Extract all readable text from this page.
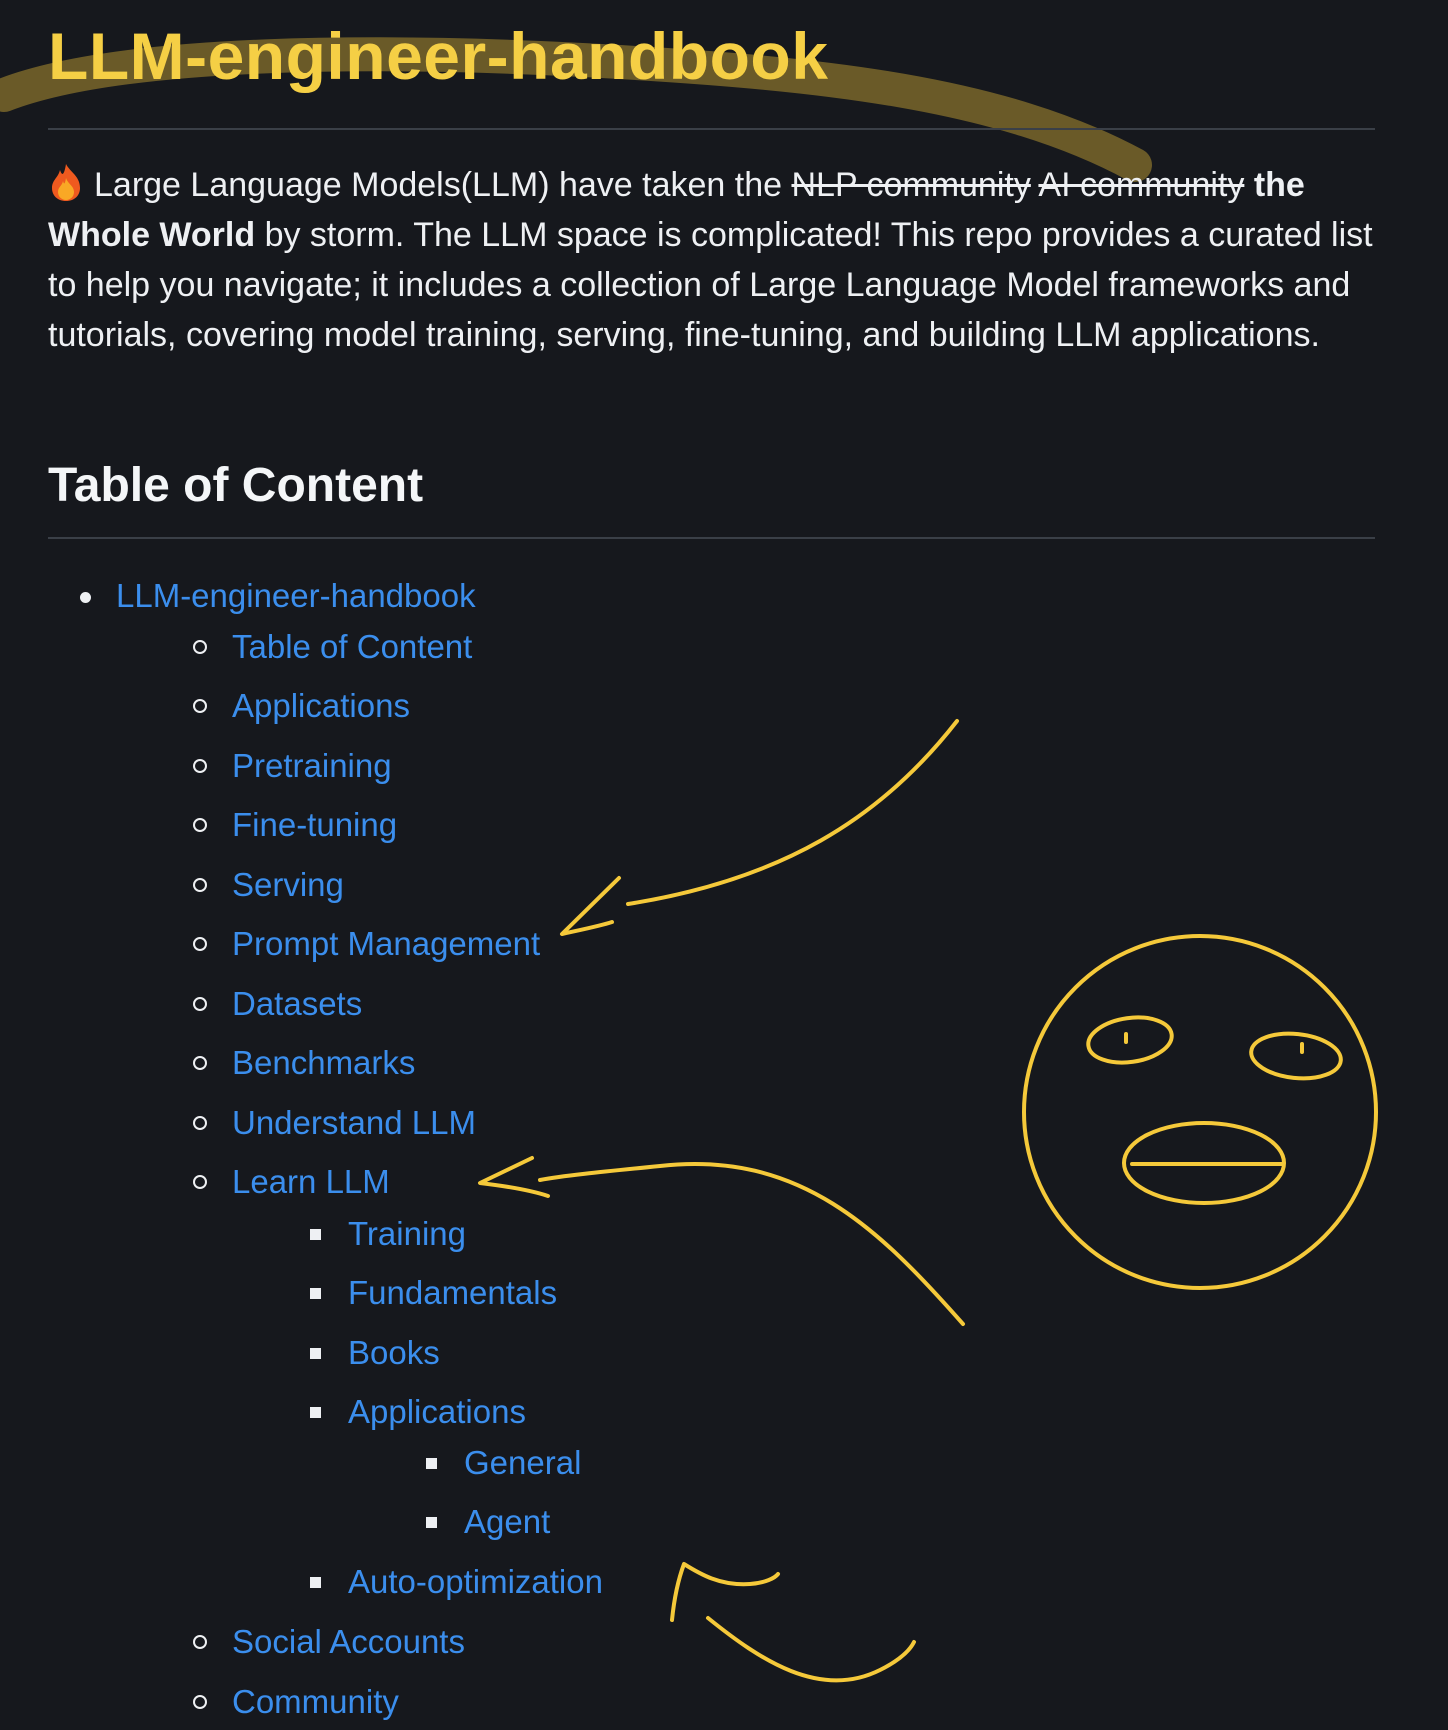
LLM-engineer-handbook

Large Language Models(LLM) have taken the NLP community AI community the Whole World by storm. The LLM space is complicated! This repo provides a curated list to help you navigate; it includes a collection of Large Language Model frameworks and tutorials, covering model training, serving, fine-tuning, and building LLM applications.

Table of Content
LLM-engineer-handbook
Table of Content
Applications
Pretraining
Fine-tuning
Serving
Prompt Management
Datasets
Benchmarks
Understand LLM
Learn LLM
Training
Fundamentals
Books
Applications
General
Agent
Auto-optimization
Social Accounts
Community
